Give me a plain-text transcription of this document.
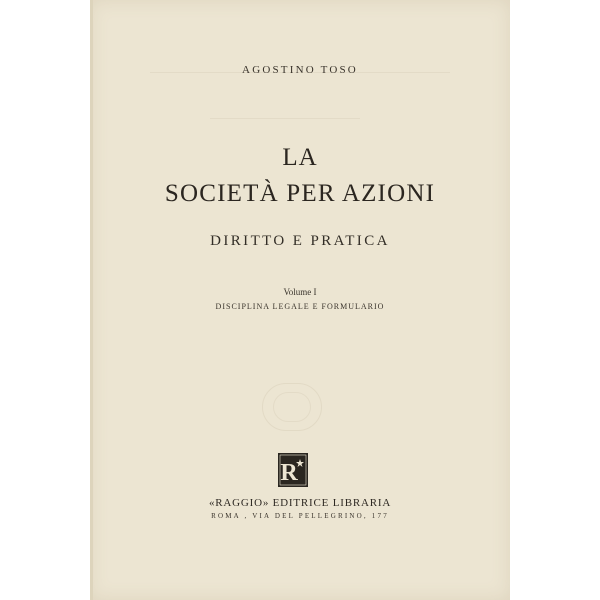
AGOSTINO TOSO
LA
SOCIETÀ PER AZIONI
DIRITTO E PRATICA
Volume I
DISCIPLINA LEGALE E FORMULARIO
R
«RAGGIO» EDITRICE LIBRARIA
ROMA , VIA DEL PELLEGRINO, 177
